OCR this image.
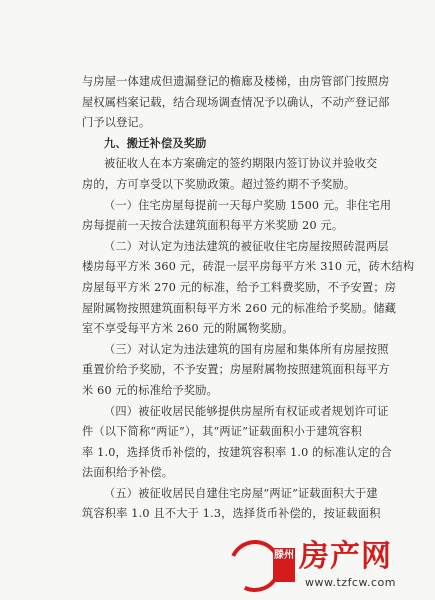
与房屋一体建成但遗漏登记的檐廊及楼梯，由房管部门按照房
屋权属档案记载，结合现场调查情况予以确认，不动产登记部
门予以登记。
九、搬迁补偿及奖励
被征收人在本方案确定的签约期限内签订协议并验收交
房的，方可享受以下奖励政策。超过签约期不予奖励。
（一）住宅房屋每提前一天每户奖励 1500 元。非住宅用
房每提前一天按合法建筑面积每平方米奖励 20 元。
（二）对认定为违法建筑的被征收住宅房屋按照砖混两层
楼房每平方米 360 元，砖混一层平房每平方米 310 元，砖木结构
房屋每平方米 270 元的标准，给予工料费奖励，不予安置；房
屋附属物按照建筑面积每平方米 260 元的标准给予奖励。储藏
室不享受每平方米 260 元的附属物奖励。
（三）对认定为违法建筑的国有房屋和集体所有房屋按照
重置价给予奖励，不予安置；房屋附属物按照建筑面积每平方
米 60 元的标准给予奖励。
（四）被征收居民能够提供房屋所有权证或者规划许可证
件（以下简称“两证”），其“两证”证载面积小于建筑容积
率 1.0，选择货币补偿的，按建筑容积率 1.0 的标准认定的合
法面积给予补偿。
（五）被征收居民自建住宅房屋“两证”证载面积大于建
筑容积率 1.0 且不大于 1.3，选择货币补偿的，按证载面积
滕州 房产网
www.tzfcw.com
